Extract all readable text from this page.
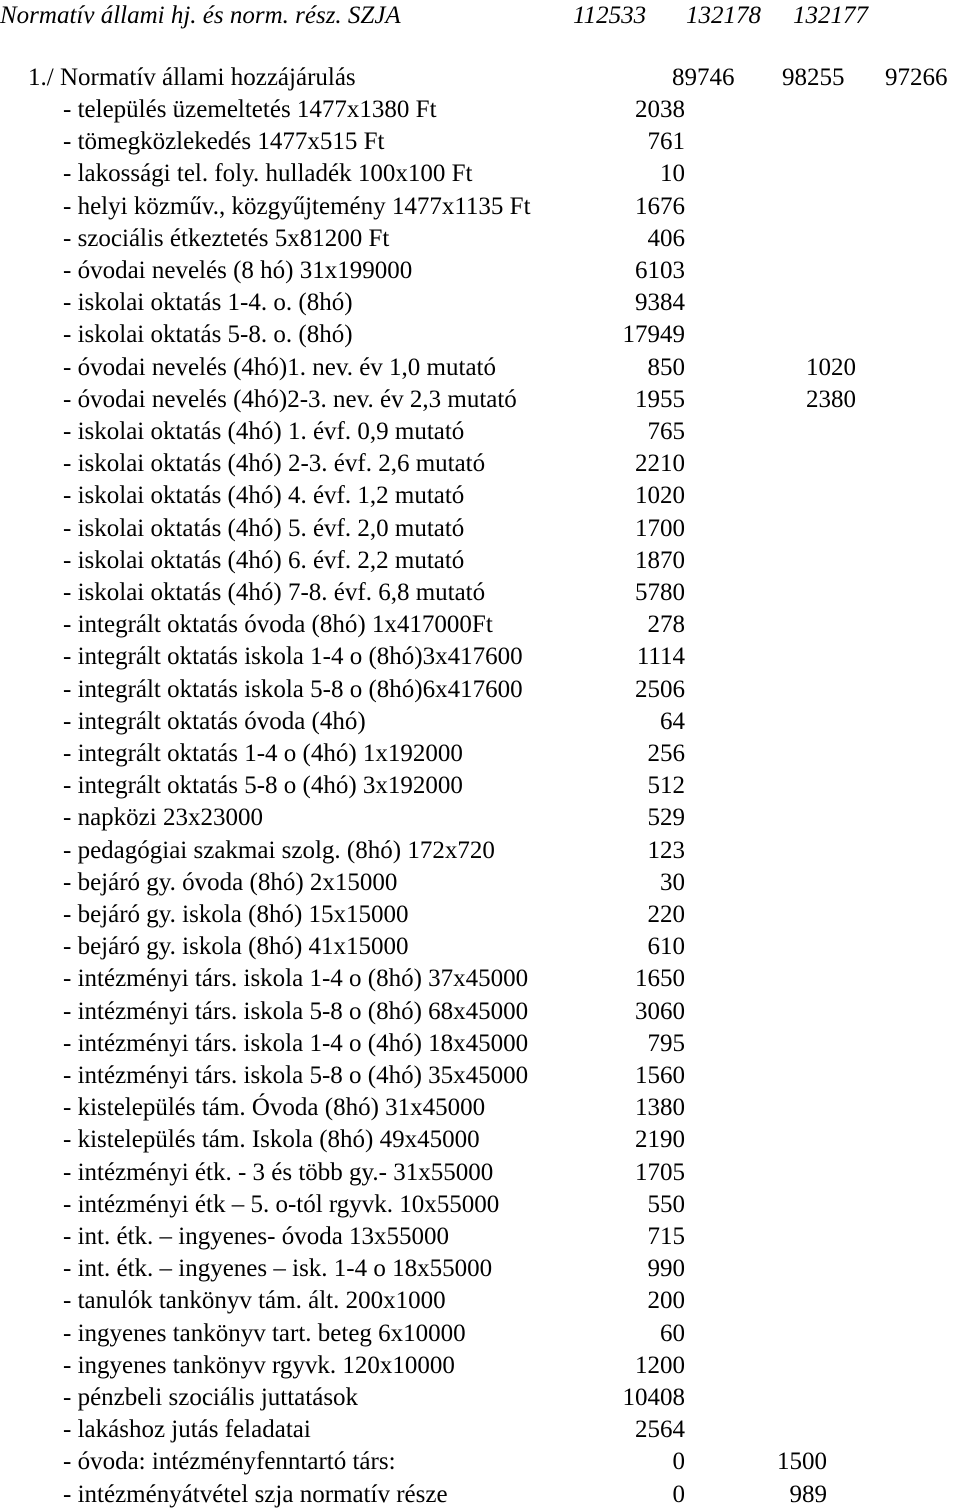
Normatív állami hj. és norm. rész. SZJA	112533 132178 132177
1./ Normatív állami hozzájárulás	89746 98255 97266
- település üzemeltetés 1477x1380 Ft	2038
- tömegközlekedés 1477x515 Ft	761
- lakossági tel. foly. hulladék 100x100 Ft	10
- helyi közműv., közgyűjtemény 1477x1135 Ft	1676
- szociális étkeztetés 5x81200 Ft	406
- óvodai nevelés (8 hó) 31x199000	6103
- iskolai oktatás 1-4. o. (8hó)	9384
- iskolai oktatás 5-8. o. (8hó)	17949
- óvodai nevelés (4hó)1. nev. év 1,0 mutató	850	1020
- óvodai nevelés (4hó)2-3. nev. év 2,3 mutató	1955	2380
- iskolai oktatás (4hó) 1. évf. 0,9 mutató	765
- iskolai oktatás (4hó) 2-3. évf. 2,6 mutató	2210
- iskolai oktatás (4hó) 4. évf. 1,2 mutató	1020
- iskolai oktatás (4hó) 5. évf. 2,0 mutató	1700
- iskolai oktatás (4hó) 6. évf. 2,2 mutató	1870
- iskolai oktatás (4hó) 7-8. évf. 6,8 mutató	5780
- integrált oktatás óvoda (8hó) 1x417000Ft	278
- integrált oktatás iskola 1-4 o (8hó)3x417600	1114
- integrált oktatás iskola 5-8 o (8hó)6x417600	2506
- integrált oktatás óvoda (4hó)	64
- integrált oktatás 1-4 o (4hó) 1x192000	256
- integrált oktatás 5-8 o (4hó) 3x192000	512
- napközi 23x23000	529
- pedagógiai szakmai szolg. (8hó) 172x720	123
- bejáró gy. óvoda (8hó) 2x15000	30
- bejáró gy. iskola (8hó) 15x15000	220
- bejáró gy. iskola (8hó) 41x15000	610
- intézményi társ. iskola 1-4 o (8hó) 37x45000	1650
- intézményi társ. iskola 5-8 o (8hó) 68x45000	3060
- intézményi társ. iskola 1-4 o (4hó) 18x45000	795
- intézményi társ. iskola 5-8 o (4hó) 35x45000	1560
- kistelepülés tám. Óvoda (8hó) 31x45000	1380
- kistelepülés tám. Iskola (8hó) 49x45000	2190
- intézményi étk. - 3 és több gy.- 31x55000	1705
- intézményi étk – 5. o-tól rgyvk. 10x55000	550
- int. étk. – ingyenes- óvoda 13x55000	715
- int. étk. – ingyenes – isk. 1-4 o 18x55000	990
- tanulók tankönyv tám. ált. 200x1000	200
- ingyenes tankönyv tart. beteg 6x10000	60
- ingyenes tankönyv rgyvk. 120x10000	1200
- pénzbeli szociális juttatások	10408
- lakáshoz jutás feladatai	2564
- óvoda: intézményfenntartó társ:	0	1500
- intézményátvétel szja normatív része	0	989
